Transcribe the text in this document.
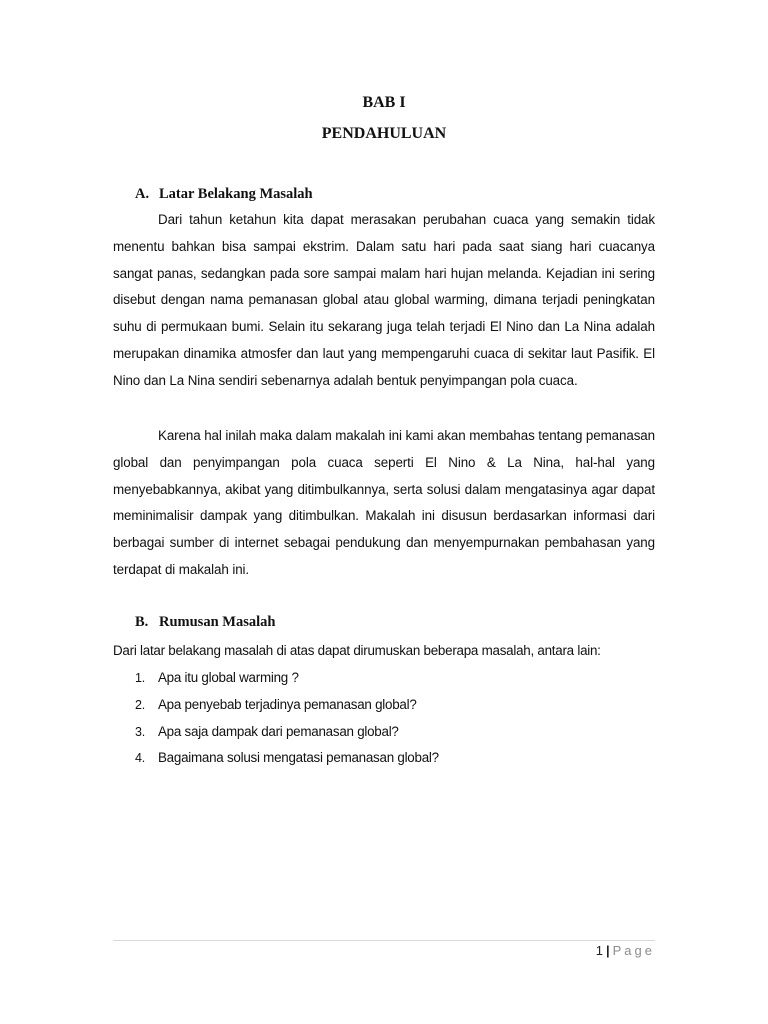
BAB I
PENDAHULUAN
A. Latar Belakang Masalah

Dari tahun ketahun kita dapat merasakan perubahan cuaca yang semakin tidak menentu bahkan bisa sampai ekstrim. Dalam satu hari pada saat siang hari cuacanya sangat panas, sedangkan pada sore sampai malam hari hujan melanda. Kejadian ini sering disebut dengan nama pemanasan global atau global warming, dimana terjadi peningkatan suhu di permukaan bumi. Selain itu sekarang juga telah terjadi El Nino dan La Nina adalah merupakan dinamika atmosfer dan laut yang mempengaruhi cuaca di sekitar laut Pasifik. El Nino dan La Nina sendiri sebenarnya adalah bentuk penyimpangan pola cuaca.

Karena hal inilah maka dalam makalah ini kami akan membahas tentang pemanasan global dan penyimpangan pola cuaca seperti El Nino & La Nina, hal-hal yang menyebabkannya, akibat yang ditimbulkannya, serta solusi dalam mengatasinya agar dapat meminimalisir dampak yang ditimbulkan. Makalah ini disusun berdasarkan informasi dari berbagai sumber di internet sebagai pendukung dan menyempurnakan pembahasan yang terdapat di makalah ini.

B. Rumusan Masalah
Dari latar belakang masalah di atas dapat dirumuskan beberapa masalah, antara lain:
1. Apa itu global warming ?
2. Apa penyebab terjadinya pemanasan global?
3. Apa saja dampak dari pemanasan global?
4. Bagaimana solusi mengatasi pemanasan global?
1 | Page
